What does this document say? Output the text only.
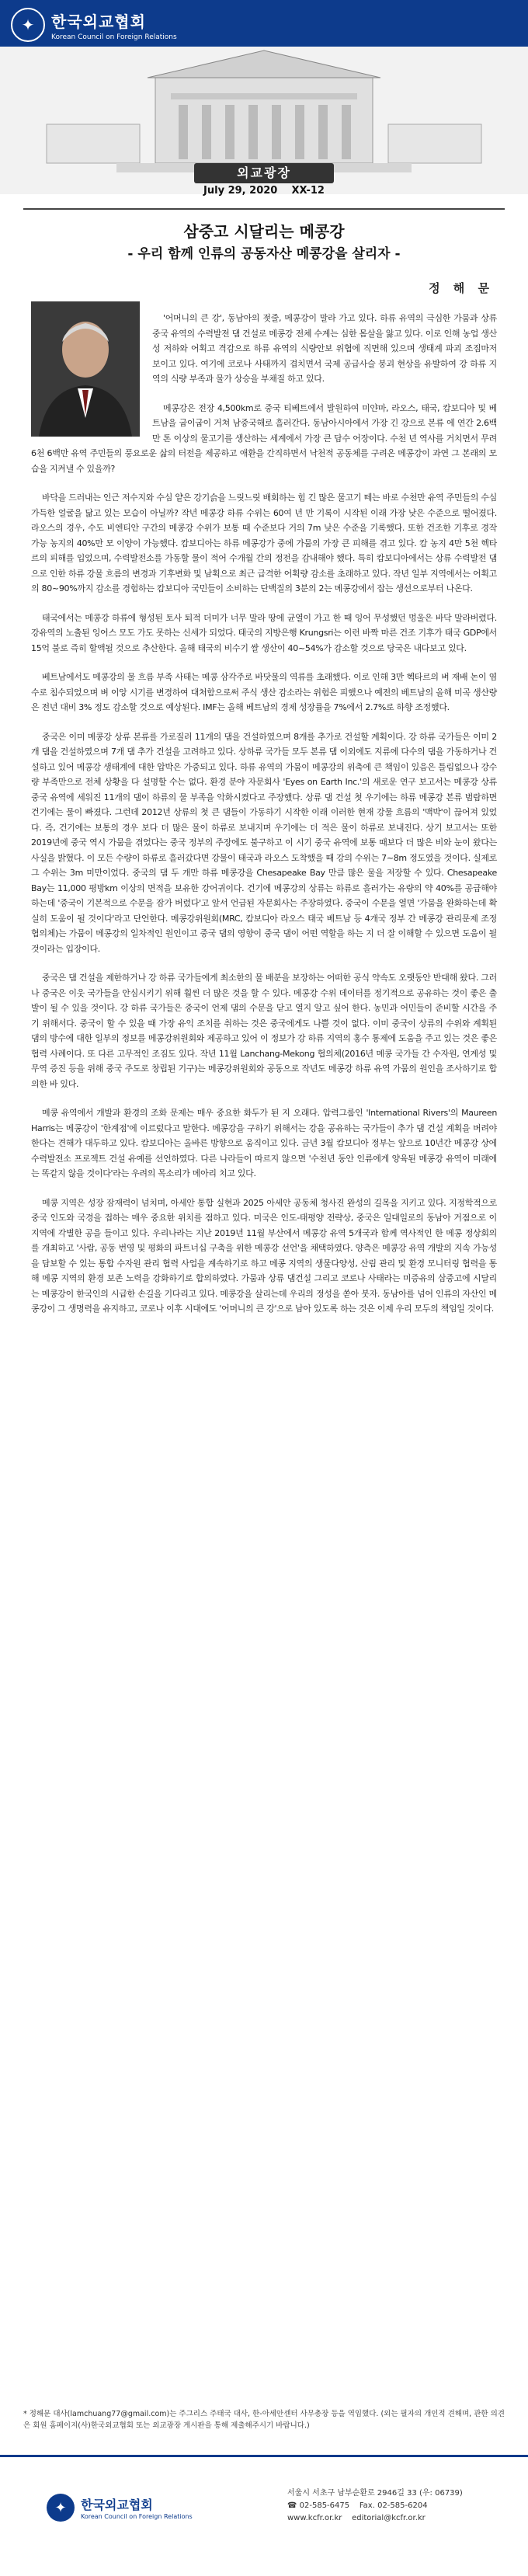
✦	한국외교협회
Korean Council on Foreign Relations
외교광장
July 29, 2020 XX-12
삼중고 시달리는 메콩강
- 우리 함께 인류의 공동자산 메콩강을 살리자 -
정 해 문

'어머니의 큰 강', 동남아의 젖줄, 메콩강이 말라 가고 있다. 하류 유역의 극심한 가뭄과 상류 중국 유역의 수력발전 댐 건설로 메콩강 전체 수계는 심한 몸살을 앓고 있다. 이로 인해 농업 생산성 저하와 어획고 격감으로 하류 유역의 식량안보 위협에 직면해 있으며 생태계 파괴 조짐마저 보이고 있다. 여기에 코로나 사태까지 겹치면서 국제 공급사슬 붕괴 현상을 유발하여 강 하류 지역의 식량 부족과 물가 상승을 부채질 하고 있다.

메콩강은 전장 4,500km로 중국 티베트에서 발원하여 미얀마, 라오스, 태국, 캄보디아 및 베트남을 굽이굽이 거쳐 남중국해로 흘러간다. 동남아시아에서 가장 긴 강으로 본류 에 연간 2.6백만 톤 이상의 물고기를 생산하는 세계에서 가장 큰 담수 어장이다. 수천 년 역사를 거치면서 무려 6천 6백만 유역 주민들의 풍요로운 삶의 터전을 제공하고 애환을 간직하면서 낙천적 공동체를 구려온 메콩강이 과연 그 본래의 모습을 지켜낼 수 있을까?

바닥을 드러내는 인근 저수지와 수심 얕은 강기슭을 느릿느릿 배회하는 힘 긴 많은 물고기 떼는 바로 수천만 유역 주민들의 수심 가득한 얼굴을 닮고 있는 모습이 아닐까? 작년 메콩강 하류 수위는 60여 년 만 기록이 시작된 이래 가장 낮은 수준으로 떨어졌다. 라오스의 경우, 수도 비엔티안 구간의 메콩강 수위가 보통 때 수준보다 거의 7m 낮은 수준을 기록했다. 또한 건조한 기후로 경작 가능 농지의 40%만 모 이양이 가능했다. 캄보디아는 하류 메콩강가 중에 가뭄의 가장 큰 피해를 겪고 있다. 캄 농지 4만 5천 헥타르의 피해를 입었으며, 수력발전소를 가동할 물이 적어 수개월 간의 정전을 감내해야 했다. 특히 캄보디아에서는 상류 수력발전 댐으로 인한 하류 강물 흐름의 변경과 기후변화 및 남획으로 최근 급격한 어획량 감소를 초래하고 있다. 작년 일부 지역에서는 어획고의 80~90%까지 감소를 경험하는 캄보디아 국민들이 소비하는 단백질의 3분의 2는 메콩강에서 잡는 생선으로부터 나온다.

태국에서는 메콩강 하류에 형성된 토사 퇴적 더미가 너무 말라 땅에 균열이 가고 한 때 잉어 무성했던 멍울은 바닥 말라버렸다. 강유역의 노출된 잉어스 모도 가도 못하는 신세가 되었다. 태국의 지방은행 Krungsri는 이런 바짝 마른 건조 기후가 태국 GDP에서 15억 불로 즉히 할액될 것으로 추산한다. 올해 태국의 비수기 쌀 생산이 40~54%가 감소할 것으로 당국은 내다보고 있다.

베트남에서도 메콩강의 물 흐름 부족 사태는 메콩 삼각주로 바닷물의 역류를 초래했다. 이로 인해 3만 헥타르의 벼 재배 논이 염수로 침수되었으며 벼 이앙 시기를 변경하여 대처함으로써 주식 생산 감소라는 위험은 피했으나 예전의 베트남의 올해 미곡 생산량은 전년 대비 3% 정도 감소할 것으로 예상된다. IMF는 올해 베트남의 경제 성장률을 7%에서 2.7%로 하향 조정했다.

중국은 이미 메콩강 상류 본류를 가로질러 11개의 댐을 건설하였으며 8개를 추가로 건설할 계획이다. 강 하류 국가들은 이미 2개 댐을 건설하였으며 7개 댐 추가 건설을 고려하고 있다. 상하류 국가들 모두 본류 댐 이외에도 지류에 다수의 댐을 가동하거나 건설하고 있어 메콩강 생태계에 대한 압박은 가중되고 있다. 하류 유역의 가뭄이 메콩강의 위축에 큰 책임이 있음은 틀림없으나 강수량 부족만으로 전체 상황을 다 설명할 수는 없다. 환경 분야 자문회사 'Eyes on Earth Inc.'의 새로운 연구 보고서는 메콩강 상류 중국 유역에 세워진 11개의 댐이 하류의 물 부족을 악화시켰다고 주장했다. 상류 댐 건설 첫 우기에는 하류 메콩강 본류 범람하면 건기에는 물이 빠졌다. 그런데 2012년 상류의 첫 큰 댐들이 가동하기 시작한 이래 이러한 현재 강물 흐름의 '맥박'이 끊어져 있었다. 즉, 건기에는 보통의 경우 보다 더 많은 물이 하류로 보내지며 우기에는 더 적은 물이 하류로 보내진다. 상기 보고서는 또한 2019년에 중국 역시 가뭄을 겪었다는 중국 정부의 주장에도 불구하고 이 시기 중국 유역에 보통 때보다 더 많은 비와 눈이 왔다는 사실을 밝혔다. 이 모든 수량이 하류로 흘러갔다면 강물이 태국과 라오스 도착했을 때 강의 수위는 7~8m 정도였을 것이다. 실제로 그 수위는 3m 미만이었다. 중국의 댐 두 개만 하류 메콩강을 Chesapeake Bay 만큼 많은 물을 저장할 수 있다. Chesapeake Bay는 11,000 평방km 이상의 면적을 보유한 강어귀이다. 건기에 메콩강의 상류는 하류로 흘러가는 유량의 약 40%를 공급해야 하는데 '중국이 기본적으로 수문을 잠가 버렸다'고 앞서 언급된 자문회사는 주장하였다. 중국이 수문을 열면 '가뭄을 완화하는데 확실히 도움이 될 것이다'라고 단언한다. 메콩강위원회(MRC, 캄보디아 라오스 태국 베트남 등 4개국 정부 간 메콩강 관리문제 조정협의체)는 가뭄이 메콩강의 일차적인 원인이고 중국 댐의 영향이 중국 댐이 어떤 역할을 하는 지 더 잘 이해할 수 있으면 도움이 될 것이라는 입장이다.

중국은 댐 건설을 제한하거나 강 하류 국가들에게 최소한의 물 배분을 보장하는 어떠한 공식 약속도 오랫동안 반대해 왔다. 그러나 중국은 이웃 국가들을 안심시키기 위해 훨씬 더 많은 것을 할 수 있다. 메콩강 수위 데이터를 정기적으로 공유하는 것이 좋은 출발이 될 수 있을 것이다. 강 하류 국가들은 중국이 언제 댐의 수문을 닫고 열지 알고 싶어 한다. 농민과 어민들이 준비할 시간을 주기 위해서다. 중국이 할 수 있을 때 가장 유익 조치를 취하는 것은 중국에게도 나쁠 것이 없다. 이미 중국이 상류의 수위와 계획된 댐의 방수에 대한 일부의 정보를 메콩강위원회와 제공하고 있어 이 정보가 강 하류 지역의 홍수 통제에 도움을 주고 있는 것은 좋은 협력 사례이다. 또 다른 고무적인 조짐도 있다. 작년 11월 Lanchang-Mekong 협의체(2016년 메콩 국가들 간 수자원, 연계성 및 무역 증진 등을 위해 중국 주도로 창립된 기구)는 메콩강위원회와 공동으로 작년도 메콩강 하류 유역 가뭄의 원인을 조사하기로 합의한 바 있다.

메콩 유역에서 개발과 환경의 조화 문제는 매우 중요한 화두가 된 지 오래다. 압력그룹인 'International Rivers'의 Maureen Harris는 메콩강이 '한계점'에 이르렀다고 말한다. 메콩강을 구하기 위해서는 강을 공유하는 국가들이 추가 댐 건설 계획을 버려야 한다는 견해가 대두하고 있다. 캄보디아는 올바른 방향으로 움직이고 있다. 금년 3월 캄보디아 정부는 앞으로 10년간 메콩강 상에 수력발전소 프로젝트 건설 유예를 선언하였다. 다른 나라들이 따르지 않으면 '수천년 동안 인류에게 양육된 메콩강 유역이 미래에는 똑같지 않을 것이다'라는 우려의 목소리가 메아리 치고 있다.

메콩 지역은 성장 잠재력이 넘치며, 아세안 통합 실현과 2025 아세안 공동체 청사진 완성의 길목을 지키고 있다. 지정학적으로 중국 인도와 국경을 접하는 매우 중요한 위치를 점하고 있다. 미국은 인도-태평양 전략상, 중국은 일대일로의 동남아 거점으로 이 지역에 각별한 공을 들이고 있다. 우리나라는 지난 2019년 11월 부산에서 메콩강 유역 5개국과 함께 역사적인 한 메콩 정상회의를 개최하고 '사람, 공동 번영 및 평화의 파트너십 구축을 위한 메콩강 선언'을 채택하였다. 양측은 메콩강 유역 개발의 지속 가능성을 담보할 수 있는 통합 수자원 관리 협력 사업을 계속하기로 하고 메콩 지역의 생물다양성, 산림 관리 및 환경 모니터링 협력을 통해 메콩 지역의 환경 보존 노력을 강화하기로 합의하였다. 가뭄과 상류 댐건설 그리고 코로나 사태라는 미증유의 삼중고에 시달리는 메콩강이 한국인의 시급한 손길을 기다리고 있다. 메콩강을 살리는데 우리의 정성을 쏟아 붓자. 동남아를 넘어 인류의 자산인 메콩강이 그 생명력을 유지하고, 코로나 이후 시대에도 '어머니의 큰 강'으로 남아 있도록 하는 것은 이제 우리 모두의 책임일 것이다.

* 정해문 대사(lamchuang77@gmail.com)는 주그리스 주태국 대사, 한-아세안센터 사무총장 등을 역임했다. (외는 필자의 개인적 견해며, 관한 의견은 회원 홈페이지(사)한국외교협회 또는 외교광장 게시판을 통해 제출해주시기 바랍니다.)
✦	한국외교협회
Korean Council on Foreign Relations
서울시 서초구 남부순환로 2946길 33 (우: 06739)
☎ 02-585-6475 Fax. 02-585-6204
www.kcfr.or.kr editorial@kcfr.or.kr
